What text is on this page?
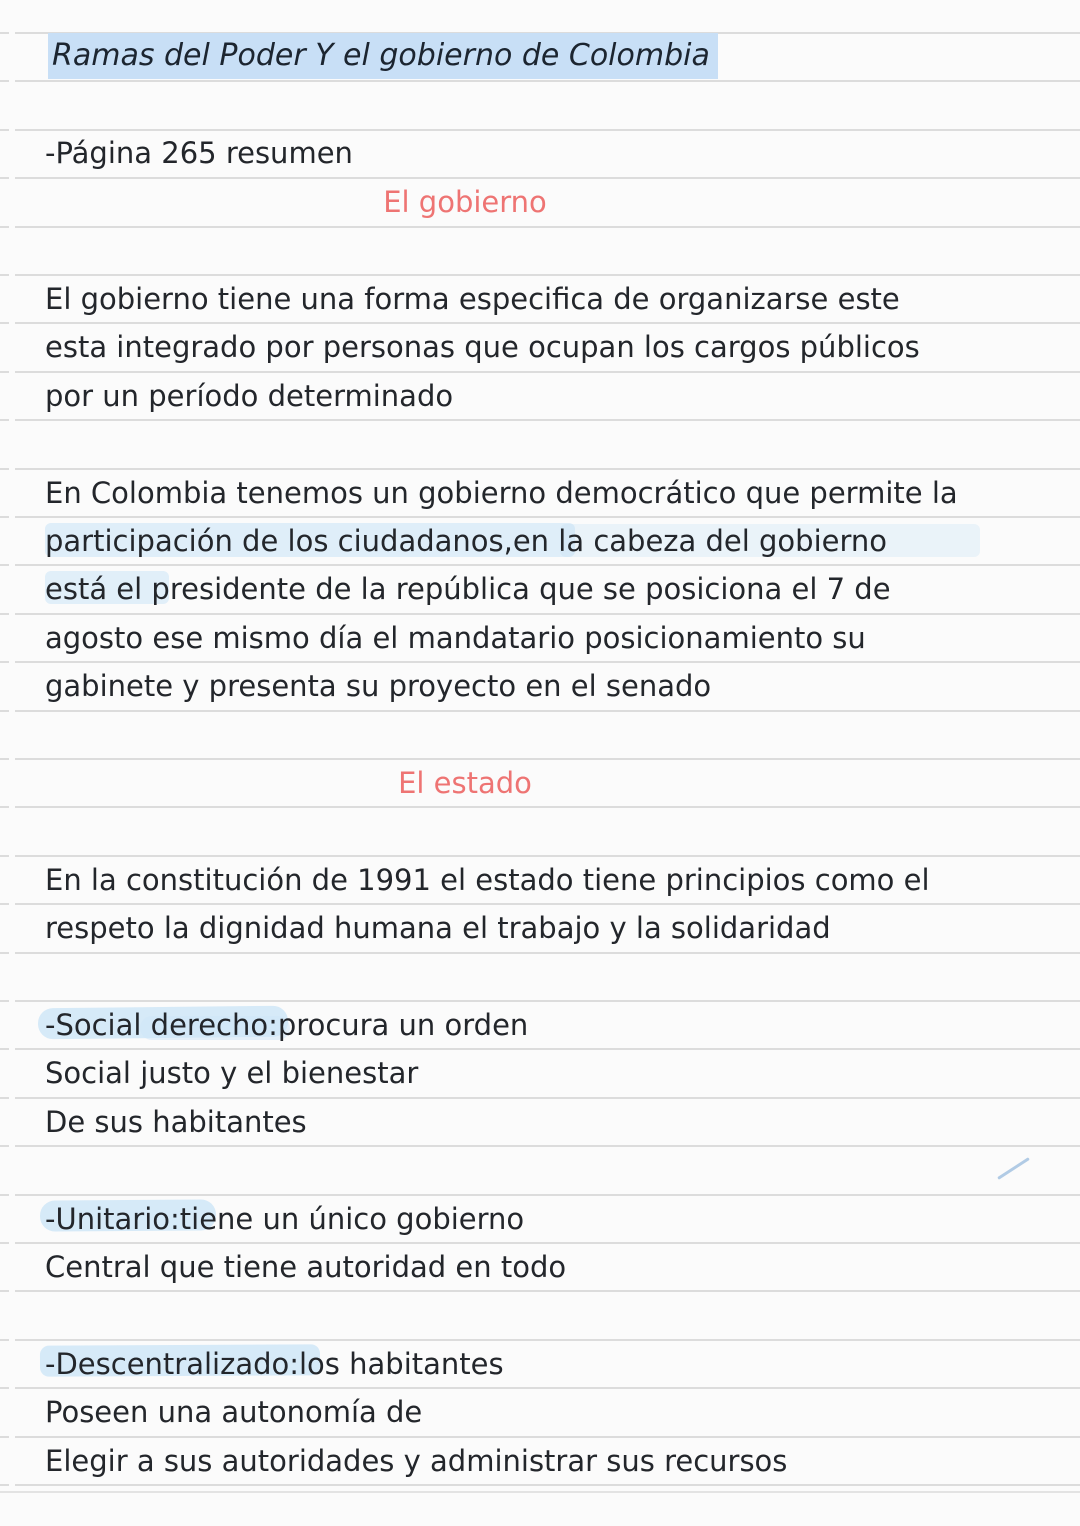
Ramas del Poder Y el gobierno de Colombia
-Página 265 resumen
El gobierno
El gobierno tiene una forma especifica de organizarse este
esta integrado por personas que ocupan los cargos públicos
por un período determinado
En Colombia tenemos un gobierno democrático que permite la
participación de los ciudadanos,en la cabeza del gobierno
está el presidente de la república que se posiciona el 7 de
agosto ese mismo día el mandatario posicionamiento su
gabinete y presenta su proyecto en el senado
El estado
En la constitución de 1991 el estado tiene principios como el
respeto la dignidad humana el trabajo y la solidaridad
-Social derecho:procura un orden
Social justo y el bienestar
De sus habitantes
-Unitario:tiene un único gobierno
Central que tiene autoridad en todo
-Descentralizado:los habitantes
Poseen una autonomía de
Elegir a sus autoridades y administrar sus recursos
